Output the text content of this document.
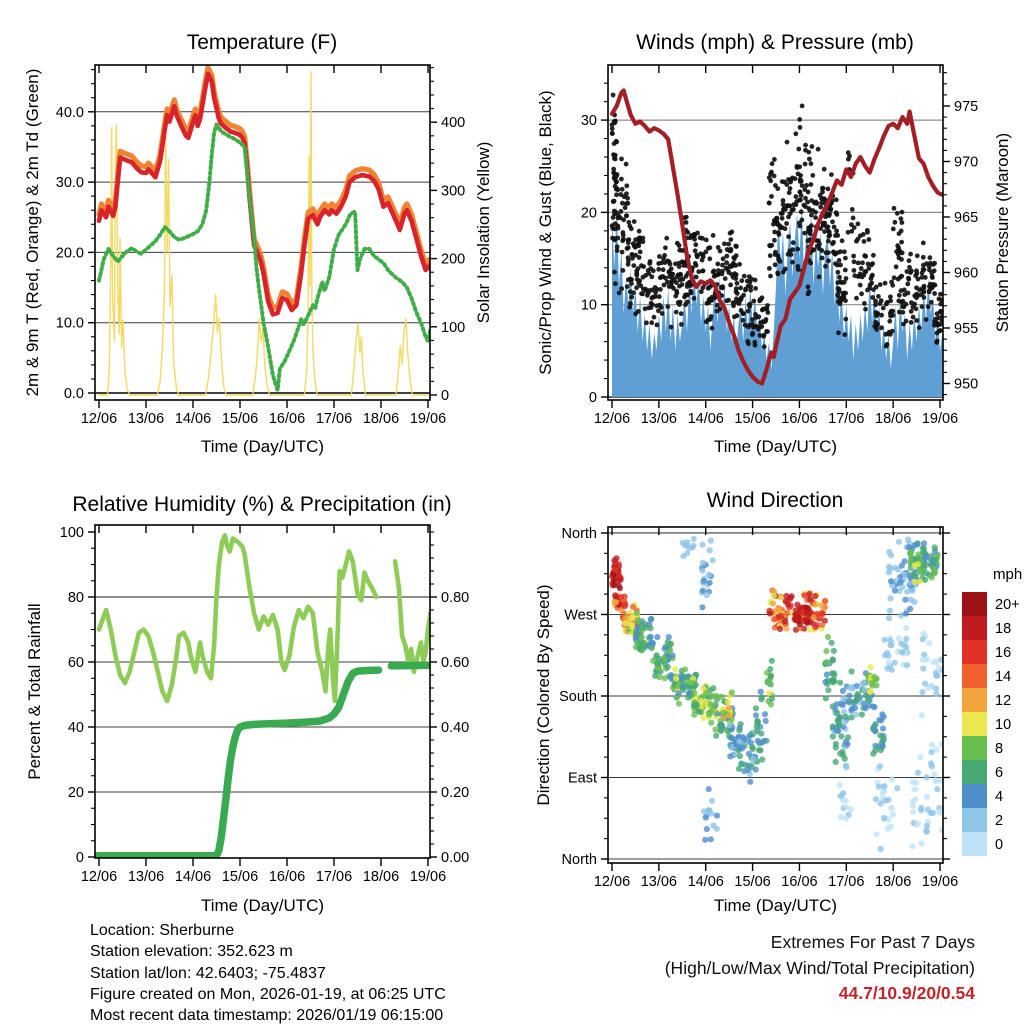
12/06 13/06 14/06 15/06 16/06 17/06 18/06 19/06
0.0
10.0
20.0
30.0
40.0
0
100
200
300
400
Temperature (F)
Time (Day/UTC)
2m & 9m T (Red, Orange) & 2m Td (Green)	Solar Insolation (Yellow)
12/06 13/06 14/06 15/06 16/06 17/06 18/06 19/06
0
10
20
30
950
955
960
965
970
975
Winds (mph) & Pressure (mb)
Time (Day/UTC)
Sonic/Prop Wind & Gust (Blue, Black)	Station Pressure (Maroon)
12/06 13/06 14/06 15/06 16/06 17/06 18/06 19/06
0
20
40
60
80
100
0.00
0.20
0.40
0.60
0.80
Relative Humidity (%) & Precipitation (in)
Time (Day/UTC)
Percent & Total Rainfall
12/06 13/06 14/06 15/06 16/06 17/06 18/06 19/06
North
West
South
East
North
Wind Direction
Time (Day/UTC)
Direction (Colored By Speed)
mph
20+
18
16
14
12
10
8
6
4
2
0
Location: Sherburne
Station elevation: 352.623 m
Station lat/lon: 42.6403; -75.4837
Figure created on Mon, 2026-01-19, at 06:25 UTC
Most recent data timestamp: 2026/01/19 06:15:00
Extremes For Past 7 Days
(High/Low/Max Wind/Total Precipitation)
44.7/10.9/20/0.54
